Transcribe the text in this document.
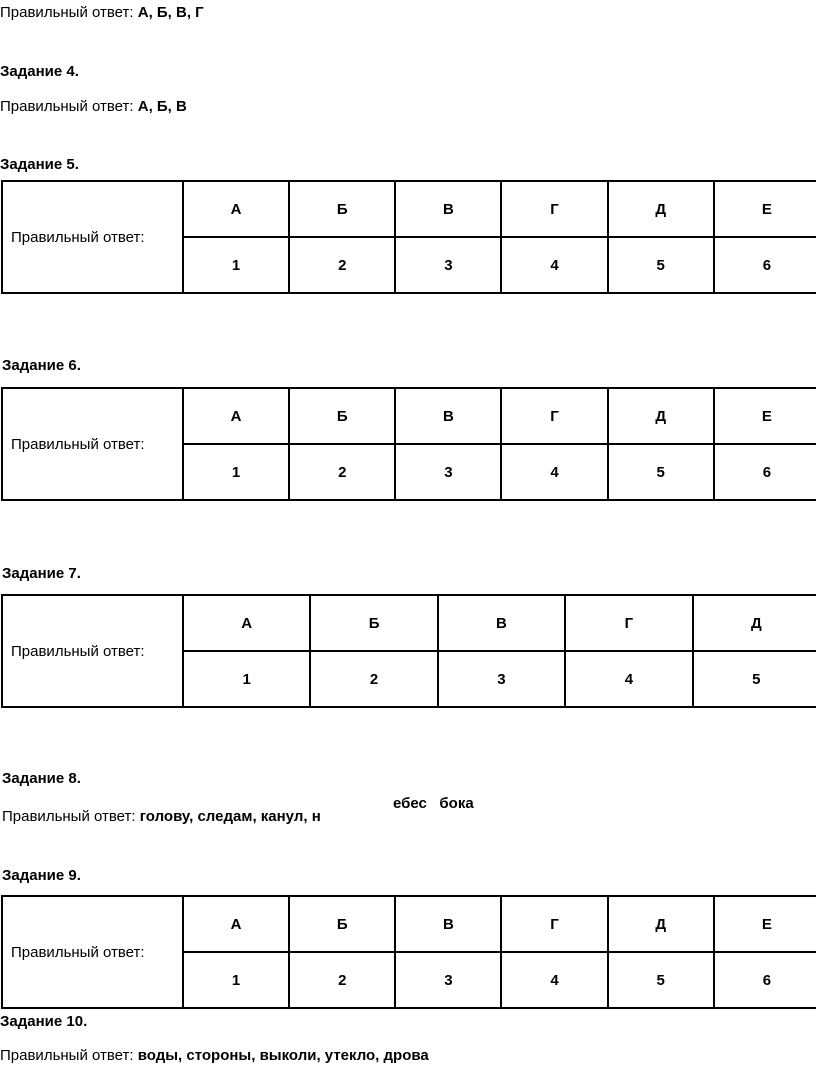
Правильный ответ: А, Б, В, Г
Задание 4.
Правильный ответ: А, Б, В
Задание 5.
Правильный ответ:	А	Б	В	Г	Д	Е
	1	2	3	4	5	6
Задание 6.
Правильный ответ:	А	Б	В	Г	Д	Е
	1	2	3	4	5	6
Задание 7.
Правильный ответ:	А	Б	В	Г	Д
	1	2	3	4	5
Задание 8.
Правильный ответ: голову, следам, канул, н
ебес   бока
Задание 9.
Правильный ответ:	А	Б	В	Г	Д	Е
	1	2	3	4	5	6
Задание 10.
Правильный ответ: воды, стороны, выколи, утекло, дрова
